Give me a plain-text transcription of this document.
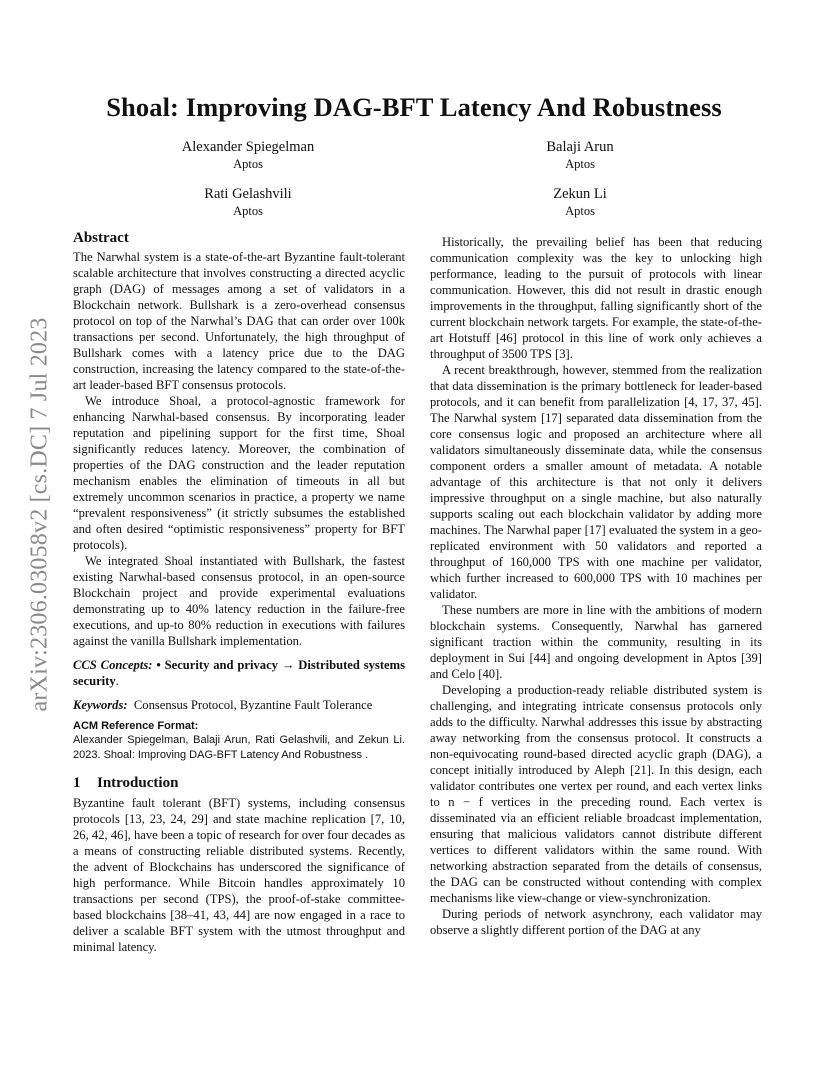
Shoal: Improving DAG-BFT Latency And Robustness
Alexander Spiegelman
Aptos
Balaji Arun
Aptos
Rati Gelashvili
Aptos
Zekun Li
Aptos
arXiv:2306.03058v2 [cs.DC] 7 Jul 2023
Abstract

The Narwhal system is a state-of-the-art Byzantine fault-tolerant scalable architecture that involves constructing a directed acyclic graph (DAG) of messages among a set of validators in a Blockchain network. Bullshark is a zero-overhead consensus protocol on top of the Narwhal’s DAG that can order over 100k transactions per second. Unfortunately, the high throughput of Bullshark comes with a latency price due to the DAG construction, increasing the latency compared to the state-of-the-art leader-based BFT consensus protocols.

We introduce Shoal, a protocol-agnostic framework for enhancing Narwhal-based consensus. By incorporating leader reputation and pipelining support for the first time, Shoal significantly reduces latency. Moreover, the combination of properties of the DAG construction and the leader reputation mechanism enables the elimination of timeouts in all but extremely uncommon scenarios in practice, a property we name “prevalent responsiveness” (it strictly subsumes the established and often desired “optimistic responsiveness” property for BFT protocols).

We integrated Shoal instantiated with Bullshark, the fastest existing Narwhal-based consensus protocol, in an open-source Blockchain project and provide experimental evaluations demonstrating up to 40% latency reduction in the failure-free executions, and up-to 80% reduction in executions with failures against the vanilla Bullshark implementation.

CCS Concepts: • Security and privacy → Distributed systems security.

Keywords: Consensus Protocol, Byzantine Fault Tolerance

ACM Reference Format:

Alexander Spiegelman, Balaji Arun, Rati Gelashvili, and Zekun Li. 2023. Shoal: Improving DAG-BFT Latency And Robustness .

1 Introduction

Byzantine fault tolerant (BFT) systems, including consensus protocols [13, 23, 24, 29] and state machine replication [7, 10, 26, 42, 46], have been a topic of research for over four decades as a means of constructing reliable distributed systems. Recently, the advent of Blockchains has underscored the significance of high performance. While Bitcoin handles approximately 10 transactions per second (TPS), the proof-of-stake committee-based blockchains [38–41, 43, 44] are now engaged in a race to deliver a scalable BFT system with the utmost throughput and minimal latency.

Historically, the prevailing belief has been that reducing communication complexity was the key to unlocking high performance, leading to the pursuit of protocols with linear communication. However, this did not result in drastic enough improvements in the throughput, falling significantly short of the current blockchain network targets. For example, the state-of-the-art Hotstuff [46] protocol in this line of work only achieves a throughput of 3500 TPS [3].

A recent breakthrough, however, stemmed from the realization that data dissemination is the primary bottleneck for leader-based protocols, and it can benefit from parallelization [4, 17, 37, 45]. The Narwhal system [17] separated data dissemination from the core consensus logic and proposed an architecture where all validators simultaneously disseminate data, while the consensus component orders a smaller amount of metadata. A notable advantage of this architecture is that not only it delivers impressive throughput on a single machine, but also naturally supports scaling out each blockchain validator by adding more machines. The Narwhal paper [17] evaluated the system in a geo-replicated environment with 50 validators and reported a throughput of 160,000 TPS with one machine per validator, which further increased to 600,000 TPS with 10 machines per validator.

These numbers are more in line with the ambitions of modern blockchain systems. Consequently, Narwhal has garnered significant traction within the community, resulting in its deployment in Sui [44] and ongoing development in Aptos [39] and Celo [40].

Developing a production-ready reliable distributed system is challenging, and integrating intricate consensus protocols only adds to the difficulty. Narwhal addresses this issue by abstracting away networking from the consensus protocol. It constructs a non-equivocating round-based directed acyclic graph (DAG), a concept initially introduced by Aleph [21]. In this design, each validator contributes one vertex per round, and each vertex links to n − f vertices in the preceding round. Each vertex is disseminated via an efficient reliable broadcast implementation, ensuring that malicious validators cannot distribute different vertices to different validators within the same round. With networking abstraction separated from the details of consensus, the DAG can be constructed without contending with complex mechanisms like view-change or view-synchronization.

During periods of network asynchrony, each validator may observe a slightly different portion of the DAG at any
